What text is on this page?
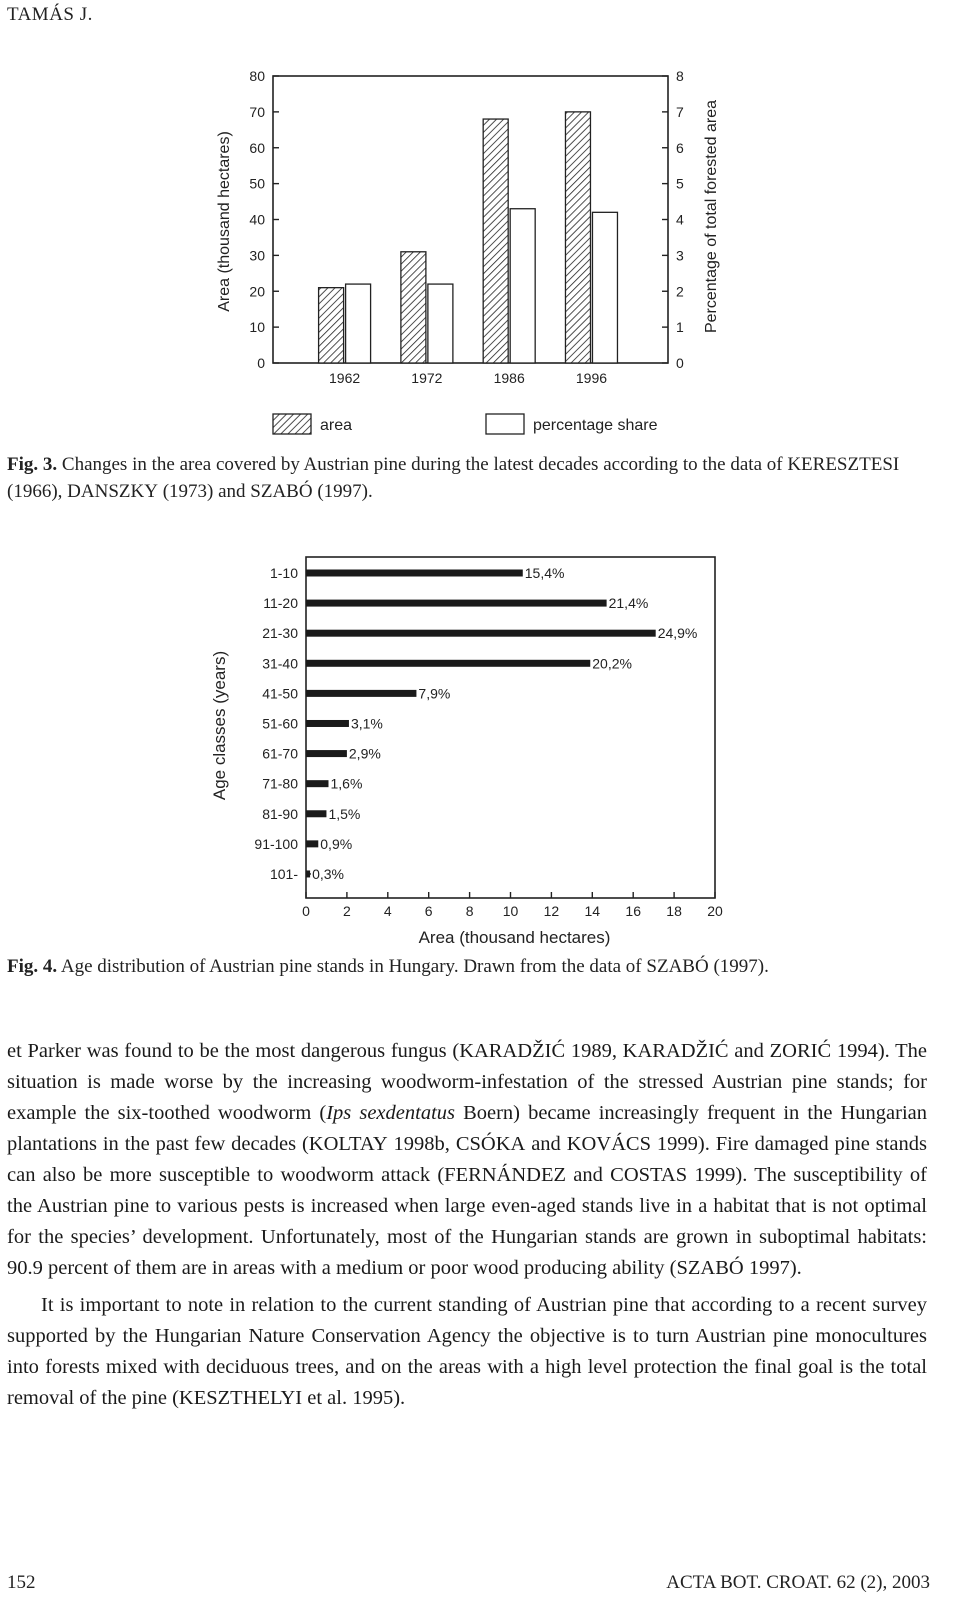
TAMÁS J.
0
10
20
30
40
50
60
70
80
0
1
2
3
4
5
6
7
8
1962	1972	1986	1996
Area (thousand hectares)	Percentage of total forested area
area	percentage share
Fig. 3. Changes in the area covered by Austrian pine during the latest decades according to the data of KERESZTESI (1966), DANSZKY (1973) and SZABÓ (1997).
0 2 4 6 8 10 12 14 16 18 20
1-10	15,4%
11-20	21,4%
21-30	24,9%
31-40	20,2%
41-50	7,9%
51-60	3,1%
61-70	2,9%
71-80 1,6%
81-90 1,5%
91-100 0,9%
101- 0,3%
Area (thousand hectares)
Age classes (years)
Fig. 4. Age distribution of Austrian pine stands in Hungary. Drawn from the data of SZABÓ (1997).

et Parker was found to be the most dangerous fungus (KARADŽIĆ 1989, KARADŽIĆ and ZORIĆ 1994). The situation is made worse by the increasing woodworm-infestation of the stressed Austrian pine stands; for example the six-toothed woodworm (Ips sexdentatus Boern) became increasingly frequent in the Hungarian plantations in the past few decades (KOLTAY 1998b, CSÓKA and KOVÁCS 1999). Fire damaged pine stands can also be more susceptible to woodworm attack (FERNÁNDEZ and COSTAS 1999). The susceptibility of the Austrian pine to various pests is increased when large even-aged stands live in a habitat that is not optimal for the species’ development. Unfortunately, most of the Hungarian stands are grown in suboptimal habitats: 90.9 percent of them are in areas with a medium or poor wood producing ability (SZABÓ 1997).

It is important to note in relation to the current standing of Austrian pine that according to a recent survey supported by the Hungarian Nature Conservation Agency the objective is to turn Austrian pine monocultures into forests mixed with deciduous trees, and on the areas with a high level protection the final goal is the total removal of the pine (KESZTHELYI et al. 1995).

152	ACTA BOT. CROAT. 62 (2), 2003
